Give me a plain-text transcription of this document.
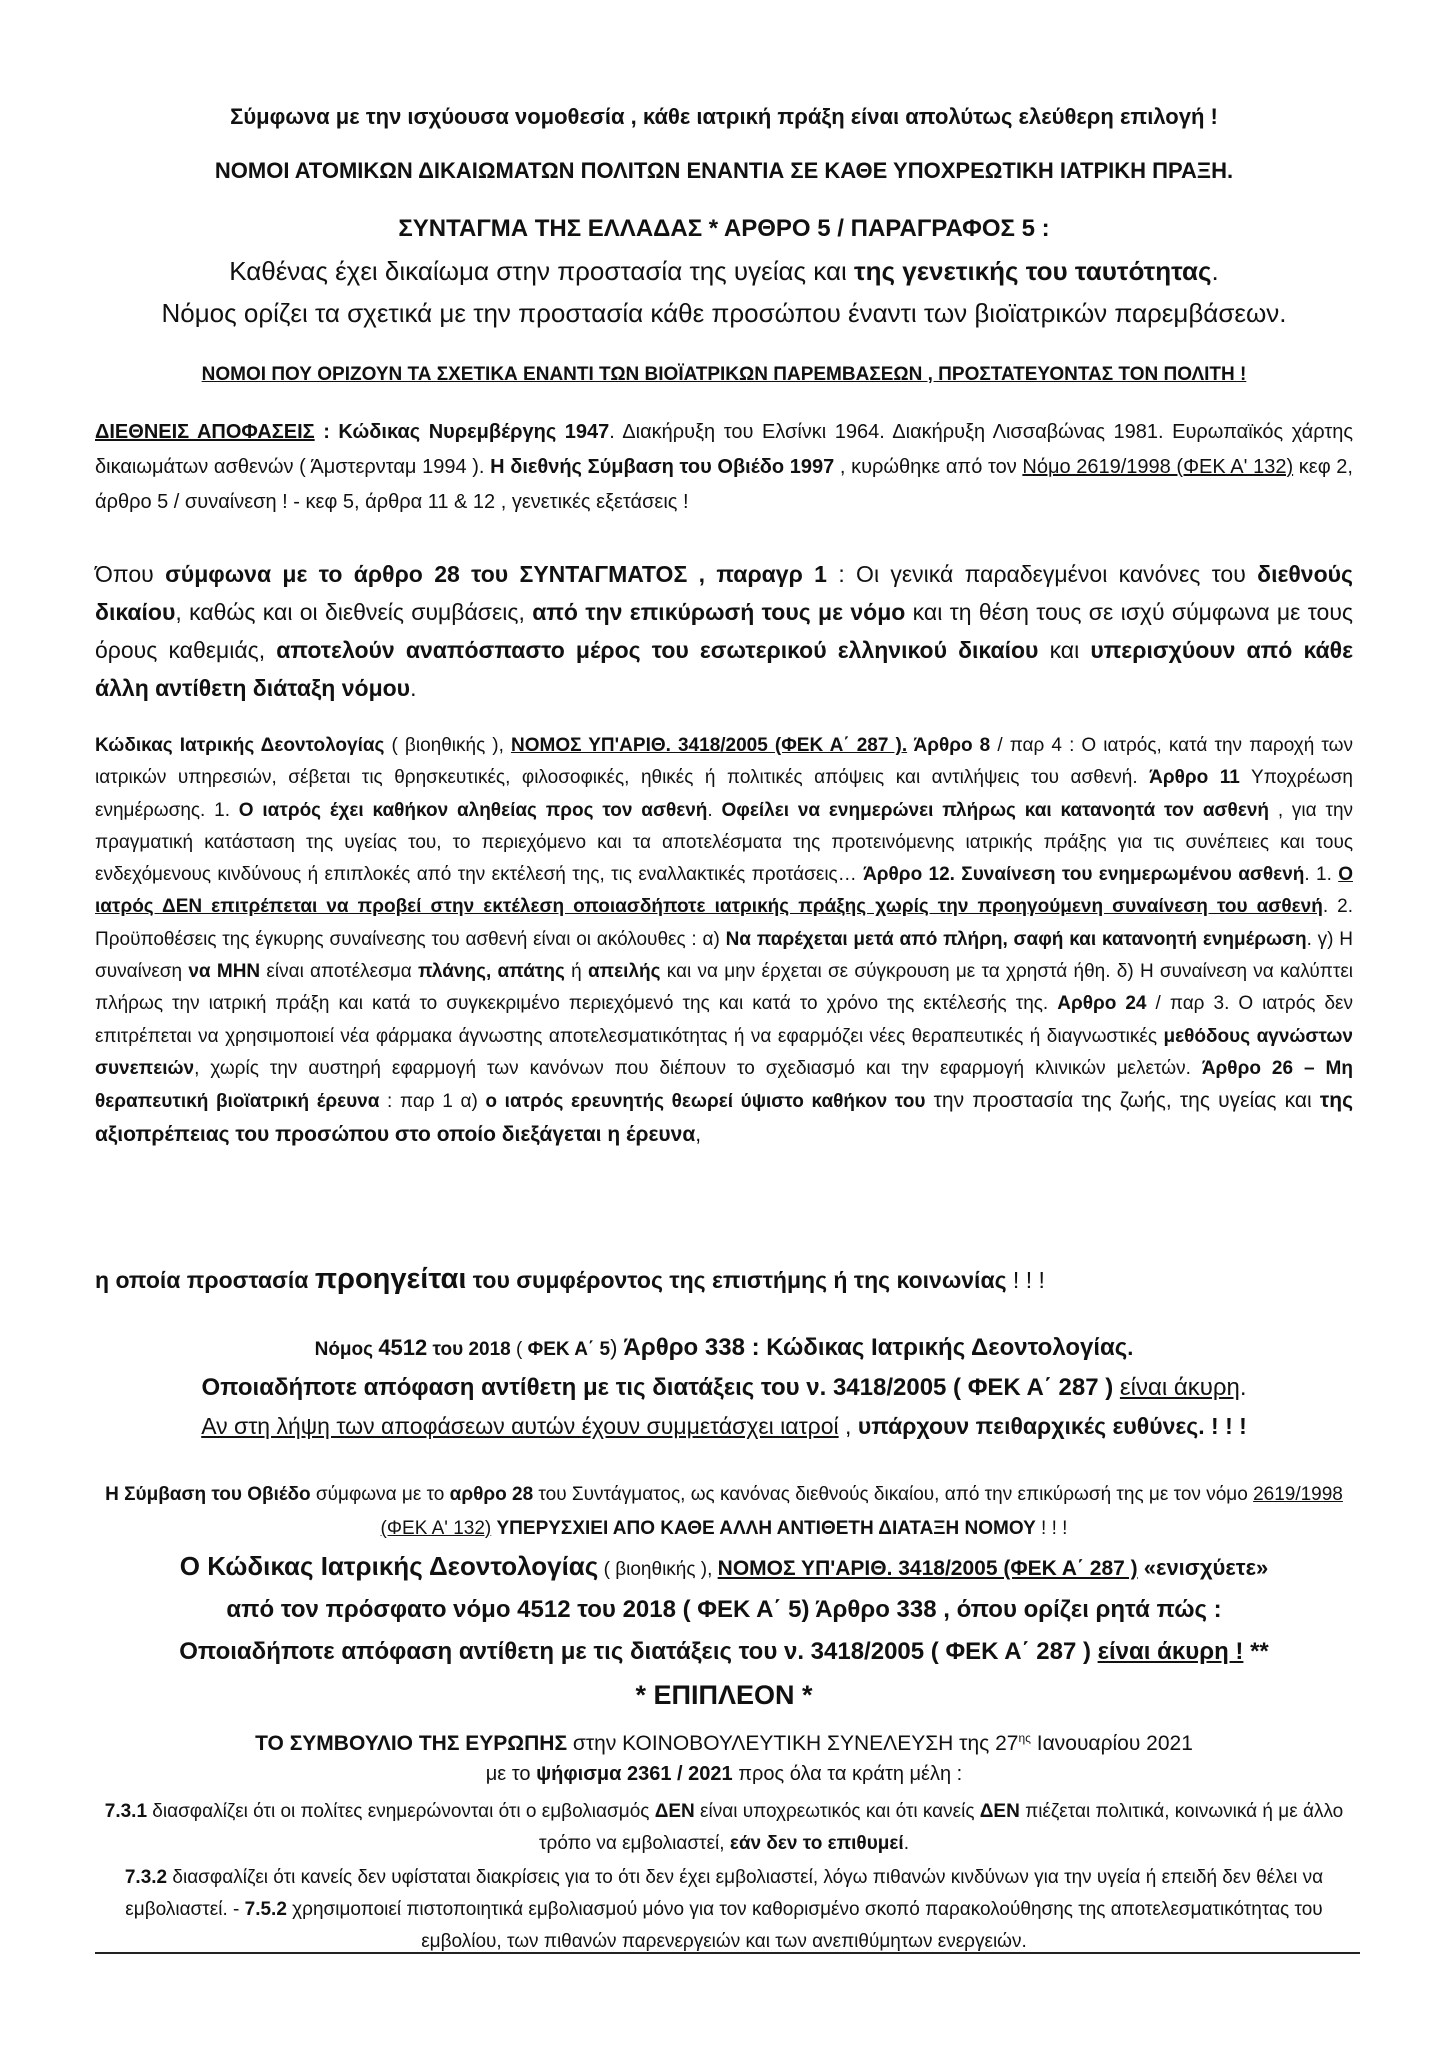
Σύμφωνα με την ισχύουσα νομοθεσία , κάθε ιατρική πράξη είναι απολύτως ελεύθερη επιλογή !

ΝΟΜΟΙ ΑΤΟΜΙΚΩΝ ΔΙΚΑΙΩΜΑΤΩΝ ΠΟΛΙΤΩΝ ΕΝΑΝΤΙΑ ΣΕ ΚΑΘΕ ΥΠΟΧΡΕΩΤΙΚΗ ΙΑΤΡΙΚΗ ΠΡΑΞΗ.

ΣΥΝΤΑΓΜΑ ΤΗΣ ΕΛΛΑΔΑΣ * ΑΡΘΡΟ 5 / ΠΑΡΑΓΡΑΦΟΣ 5 :

Καθένας έχει δικαίωμα στην προστασία της υγείας και της γενετικής του ταυτότητας.

Νόμος ορίζει τα σχετικά με την προστασία κάθε προσώπου έναντι των βιοϊατρικών παρεμβάσεων.

ΝΟΜΟΙ ΠΟΥ ΟΡΙΖΟΥΝ ΤΑ ΣΧΕΤΙΚΑ ΕΝΑΝΤΙ ΤΩΝ ΒΙΟΪΑΤΡΙΚΩΝ ΠΑΡΕΜΒΑΣΕΩΝ , ΠΡΟΣΤΑΤΕΥΟΝΤΑΣ ΤΟΝ ΠΟΛΙΤΗ !

ΔΙΕΘΝΕΙΣ ΑΠΟΦΑΣΕΙΣ : Κώδικας Νυρεμβέργης 1947. Διακήρυξη του Ελσίνκι 1964. Διακήρυξη Λισσαβώνας 1981. Ευρωπαϊκός χάρτης δικαιωμάτων ασθενών ( Άμστερνταμ 1994 ). Η διεθνής Σύμβαση του Οβιέδο 1997 , κυρώθηκε από τον Νόμο 2619/1998 (ΦΕΚ Α' 132) κεφ 2, άρθρο 5 / συναίνεση ! - κεφ 5, άρθρα 11 & 12 , γενετικές εξετάσεις !

Όπου σύμφωνα με το άρθρο 28 του ΣΥΝΤΑΓΜΑΤΟΣ , παραγρ 1 : Οι γενικά παραδεγμένοι κανόνες του διεθνούς δικαίου, καθώς και οι διεθνείς συμβάσεις, από την επικύρωσή τους με νόμο και τη θέση τους σε ισχύ σύμφωνα με τους όρους καθεμιάς, αποτελούν αναπόσπαστο μέρος του εσωτερικού ελληνικού δικαίου και υπερισχύουν από κάθε άλλη αντίθετη διάταξη νόμου.

Κώδικας Ιατρικής Δεοντολογίας ( βιοηθικής ), ΝΟΜΟΣ ΥΠ'ΑΡΙΘ. 3418/2005 (ΦΕΚ Α΄ 287 ). Άρθρο 8 / παρ 4 : Ο ιατρός, κατά την παροχή των ιατρικών υπηρεσιών, σέβεται τις θρησκευτικές, φιλοσοφικές, ηθικές ή πολιτικές απόψεις και αντιλήψεις του ασθενή. Άρθρο 11 Υποχρέωση ενημέρωσης. 1. Ο ιατρός έχει καθήκον αληθείας προς τον ασθενή. Οφείλει να ενημερώνει πλήρως και κατανοητά τον ασθενή , για την πραγματική κατάσταση της υγείας του, το περιεχόμενο και τα αποτελέσματα της προτεινόμενης ιατρικής πράξης για τις συνέπειες και τους ενδεχόμενους κινδύνους ή επιπλοκές από την εκτέλεσή της, τις εναλλακτικές προτάσεις… Άρθρο 12. Συναίνεση του ενημερωμένου ασθενή. 1. Ο ιατρός ΔΕΝ επιτρέπεται να προβεί στην εκτέλεση οποιασδήποτε ιατρικής πράξης χωρίς την προηγούμενη συναίνεση του ασθενή. 2. Προϋποθέσεις της έγκυρης συναίνεσης του ασθενή είναι οι ακόλουθες : α) Να παρέχεται μετά από πλήρη, σαφή και κατανοητή ενημέρωση. γ) Η συναίνεση να ΜΗΝ είναι αποτέλεσμα πλάνης, απάτης ή απειλής και να μην έρχεται σε σύγκρουση με τα χρηστά ήθη. δ) Η συναίνεση να καλύπτει πλήρως την ιατρική πράξη και κατά το συγκεκριμένο περιεχόμενό της και κατά το χρόνο της εκτέλεσής της. Αρθρο 24 / παρ 3. Ο ιατρός δεν επιτρέπεται να χρησιμοποιεί νέα φάρμακα άγνωστης αποτελεσματικότητας ή να εφαρμόζει νέες θεραπευτικές ή διαγνωστικές μεθόδους αγνώστων συνεπειών, χωρίς την αυστηρή εφαρμογή των κανόνων που διέπουν το σχεδιασμό και την εφαρμογή κλινικών μελετών. Άρθρο 26 – Μη θεραπευτική βιοϊατρική έρευνα : παρ 1 α) ο ιατρός ερευνητής θεωρεί ύψιστο καθήκον του την προστασία της ζωής, της υγείας και της αξιοπρέπειας του προσώπου στο οποίο διεξάγεται η έρευνα,

η οποία προστασία προηγείται του συμφέροντος της επιστήμης ή της κοινωνίας ! ! !

Νόμος 4512 του 2018 ( ΦΕΚ Α΄ 5) Άρθρο 338 : Κώδικας Ιατρικής Δεοντολογίας.

Οποιαδήποτε απόφαση αντίθετη με τις διατάξεις του ν. 3418/2005 ( ΦΕΚ Α΄ 287 ) είναι άκυρη.

Αν στη λήψη των αποφάσεων αυτών έχουν συμμετάσχει ιατροί , υπάρχουν πειθαρχικές ευθύνες. ! ! !

Η Σύμβαση του Οβιέδο σύμφωνα με το αρθρο 28 του Συντάγματος, ως κανόνας διεθνούς δικαίου, από την επικύρωσή της με τον νόμο 2619/1998 (ΦΕΚ Α' 132) ΥΠΕΡΥΣΧΙΕΙ ΑΠΟ ΚΑΘΕ ΑΛΛΗ ΑΝΤΙΘΕΤΗ ΔΙΑΤΑΞΗ ΝΟΜΟΥ ! ! !

Ο Κώδικας Ιατρικής Δεοντολογίας ( βιοηθικής ), ΝΟΜΟΣ ΥΠ'ΑΡΙΘ. 3418/2005 (ΦΕΚ Α΄ 287 ) «ενισχύετε»

από τον πρόσφατο νόμο 4512 του 2018 ( ΦΕΚ Α΄ 5) Άρθρο 338 , όπου ορίζει ρητά πώς :

Οποιαδήποτε απόφαση αντίθετη με τις διατάξεις του ν. 3418/2005 ( ΦΕΚ Α΄ 287 ) είναι άκυρη ! **

* ΕΠΙΠΛΕΟΝ *

ΤΟ ΣΥΜΒΟΥΛΙΟ ΤΗΣ ΕΥΡΩΠΗΣ στην ΚΟΙΝΟΒΟΥΛΕΥΤΙΚΗ ΣΥΝΕΛΕΥΣΗ της $27^{\eta\varsigma}$ Ιανουαρίου 2021

με το ψήφισμα 2361 / 2021 προς όλα τα κράτη μέλη :

7.3.1 διασφαλίζει ότι οι πολίτες ενημερώνονται ότι ο εμβολιασμός ΔΕΝ είναι υποχρεωτικός και ότι κανείς ΔΕΝ πιέζεται πολιτικά, κοινωνικά ή με άλλο τρόπο να εμβολιαστεί, εάν δεν το επιθυμεί.

7.3.2 διασφαλίζει ότι κανείς δεν υφίσταται διακρίσεις για το ότι δεν έχει εμβολιαστεί, λόγω πιθανών κινδύνων για την υγεία ή επειδή δεν θέλει να εμβολιαστεί. - 7.5.2 χρησιμοποιεί πιστοποιητικά εμβολιασμού μόνο για τον καθορισμένο σκοπό παρακολούθησης της αποτελεσματικότητας του εμβολίου, των πιθανών παρενεργειών και των ανεπιθύμητων ενεργειών.
